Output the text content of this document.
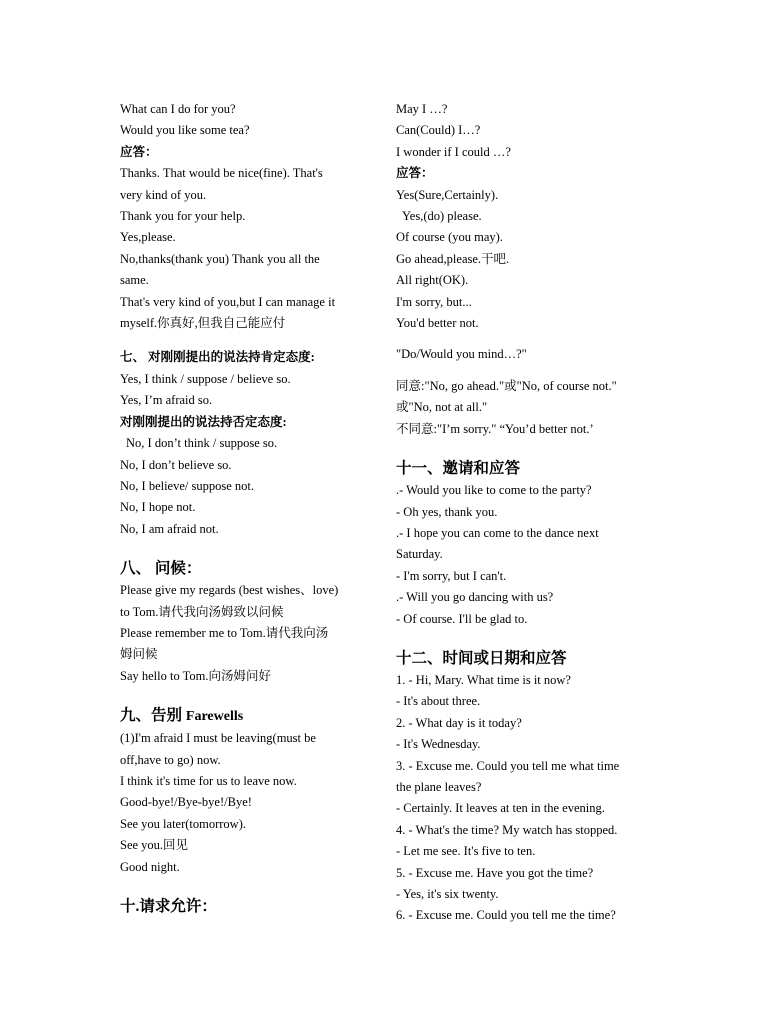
What can I do for you?
Would you like some tea?
应答：
Thanks. That would be nice(fine). That's
very kind of you.
Thank you for your help.
Yes,please.
No,thanks(thank you) Thank you all the
same.
That's very kind of you,but I can manage it
myself.你真好,但我自己能应付
七、 对刚刚提出的说法持肯定态度:
Yes, I think / suppose / believe so.
Yes, I’m afraid so.
对刚刚提出的说法持否定态度:
No, I don’t think / suppose so.
No, I don’t believe so.
No, I believe/ suppose not.
No, I hope not.
No, I am afraid not.
八、 问候：
Please give my regards (best wishes、love)
to Tom.请代我向汤姆致以问候
Please remember me to Tom.请代我向汤
姆问候
Say hello to Tom.向汤姆问好
九、告别 Farewells
(1)I'm afraid I must be leaving(must be
off,have to go) now.
I think it's time for us to leave now.
Good-bye!/Bye-bye!/Bye!
See you later(tomorrow).
See you.回见
Good night.
十.请求允许：
May I …?
Can(Could) I…?
I wonder if I could …?
应答：
Yes(Sure,Certainly).
Yes,(do) please.
Of course (you may).
Go ahead,please.干吧.
All right(OK).
I'm sorry, but...
You'd better not.
"Do/Would you mind…?"
同意:"No, go ahead."或"No, of course not."
或"No, not at all."
不同意:"I’m sorry." “You’d better not.’
十一、邀请和应答
.- Would you like to come to the party?
- Oh yes, thank you.
.- I hope you can come to the dance next
Saturday.
- I'm sorry, but I can't.
.- Will you go dancing with us?
- Of course. I'll be glad to.
十二、时间或日期和应答
1. - Hi, Mary. What time is it now?
- It's about three.
2. - What day is it today?
- It's Wednesday.
3. - Excuse me. Could you tell me what time
the plane leaves?
- Certainly. It leaves at ten in the evening.
4. - What's the time? My watch has stopped.
- Let me see. It's five to ten.
5. - Excuse me. Have you got the time?
- Yes, it's six twenty.
6. - Excuse me. Could you tell me the time?
